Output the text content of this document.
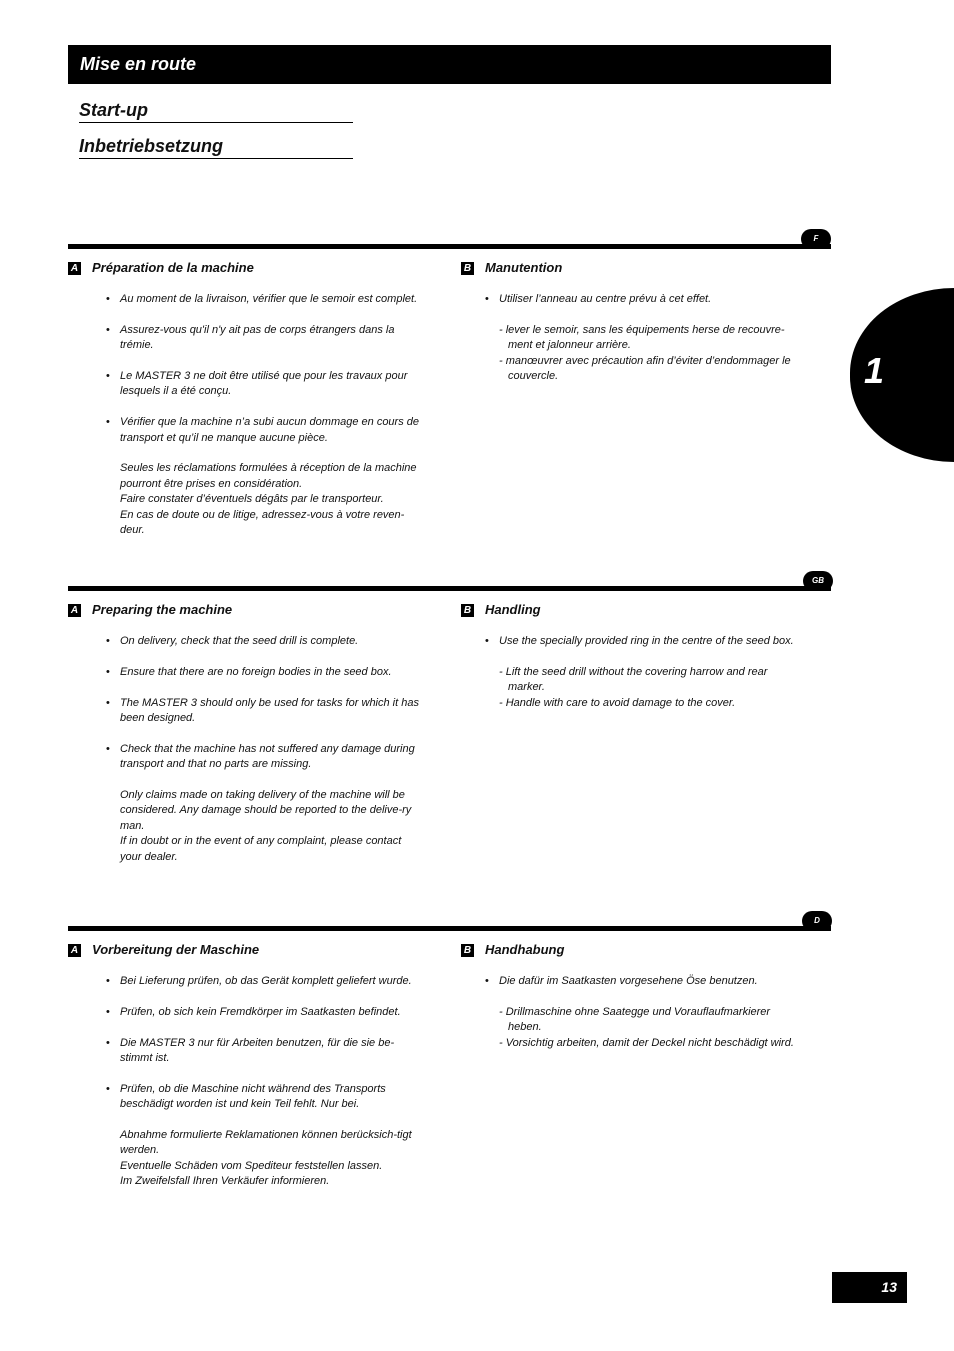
Mise en route
Start-up
Inbetriebsetzung
1
F
A Préparation de la machine
• Au moment de la livraison, vérifier que le semoir est complet.
• Assurez-vous qu'il n'y ait pas de corps étrangers dans la trémie.
• Le MASTER 3 ne doit être utilisé que pour les travaux pour lesquels il a été conçu.
• Vérifier que la machine n’a subi aucun dommage en cours de transport et qu’il ne manque aucune pièce.

Seules les réclamations formulées à réception de la machine pourront être prises en considération.

Faire constater d’éventuels dégâts par le transporteur.

En cas de doute ou de litige, adressez-vous à votre reven-deur.

B Manutention
• Utiliser l’anneau au centre prévu à cet effet.

- lever le semoir, sans les équipements herse de recouvre-ment et jalonneur arrière.

- manœuvrer avec précaution afin d’éviter d’endommager le couvercle.

GB
A Preparing the machine
• On delivery, check that the seed drill is complete.
• Ensure that there are no foreign bodies in the seed box.
• The MASTER 3 should only be used for tasks for which it has been designed.
• Check that the machine has not suffered any damage during transport and that no parts are missing.

Only claims made on taking delivery of the machine will be considered. Any damage should be reported to the delive-ry man.

If in doubt or in the event of any complaint, please contact your dealer.

B Handling
• Use the specially provided ring in the centre of the seed box.

- Lift the seed drill without the covering harrow and rear marker.

- Handle with care to avoid damage to the cover.

D
A Vorbereitung der Maschine
• Bei Lieferung prüfen, ob das Gerät komplett geliefert wurde.
• Prüfen, ob sich kein Fremdkörper im Saatkasten befindet.
• Die MASTER 3 nur für Arbeiten benutzen, für die sie be-stimmt ist.
• Prüfen, ob die Maschine nicht während des Transports beschädigt worden ist und kein Teil fehlt. Nur bei.

Abnahme formulierte Reklamationen können berücksich-tigt werden.

Eventuelle Schäden vom Spediteur feststellen lassen.

Im Zweifelsfall Ihren Verkäufer informieren.

B Handhabung
• Die dafür im Saatkasten vorgesehene Öse benutzen.

- Drillmaschine ohne Saategge und Vorauflaufmarkierer heben.

- Vorsichtig arbeiten, damit der Deckel nicht beschädigt wird.

13
